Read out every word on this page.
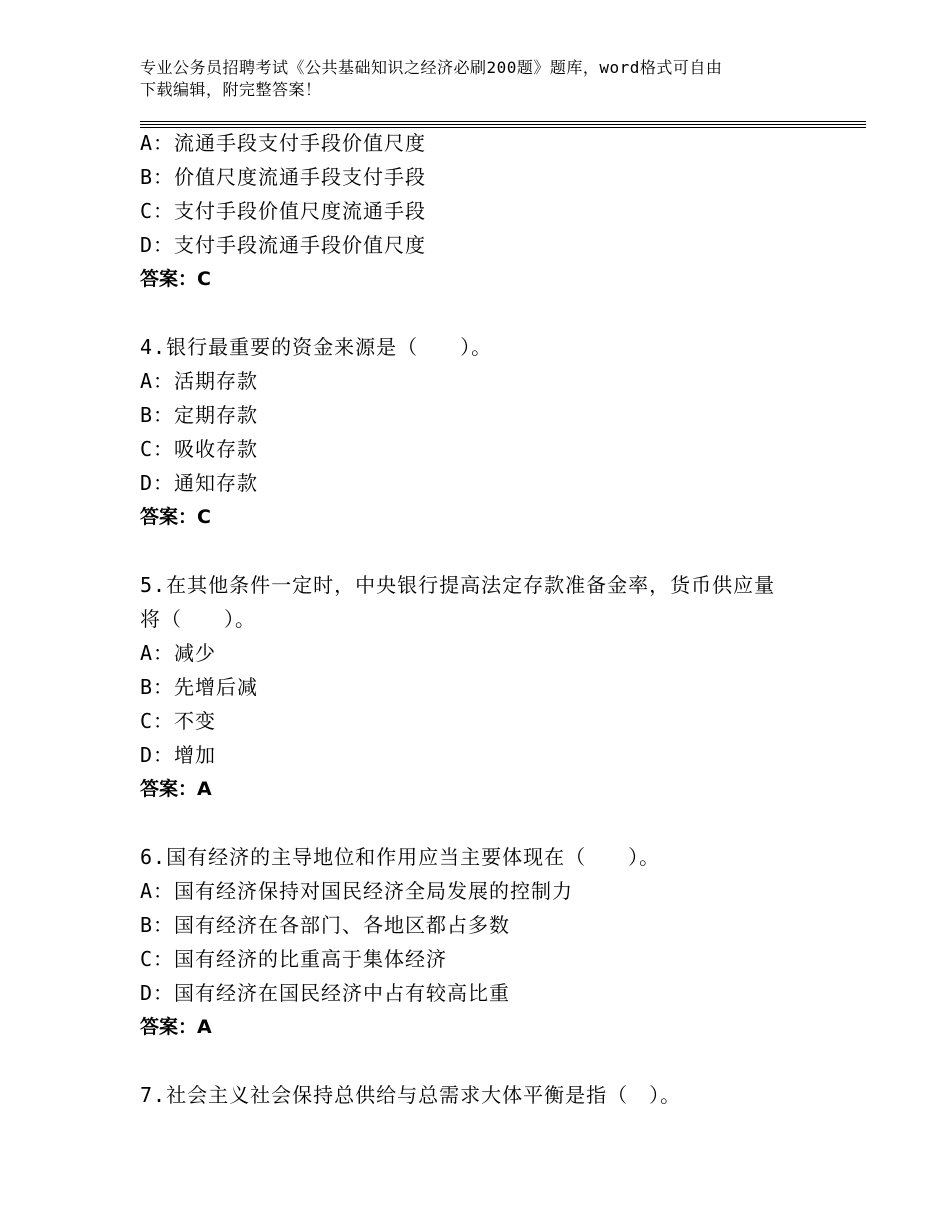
专业公务员招聘考试《公共基础知识之经济必刷200题》题库，word格式可自由
下载编辑，附完整答案！
A：流通手段支付手段价值尺度
B：价值尺度流通手段支付手段
C：支付手段价值尺度流通手段
D：支付手段流通手段价值尺度
答案：C
4.银行最重要的资金来源是（　　）。
A：活期存款
B：定期存款
C：吸收存款
D：通知存款
答案：C
5.在其他条件一定时，中央银行提高法定存款准备金率，货币供应量
将（　　）。
A：减少
B：先增后减
C：不变
D：增加
答案：A
6.国有经济的主导地位和作用应当主要体现在（　　）。
A：国有经济保持对国民经济全局发展的控制力
B：国有经济在各部门、各地区都占多数
C：国有经济的比重高于集体经济
D：国有经济在国民经济中占有较高比重
答案：A
7.社会主义社会保持总供给与总需求大体平衡是指（　）。
